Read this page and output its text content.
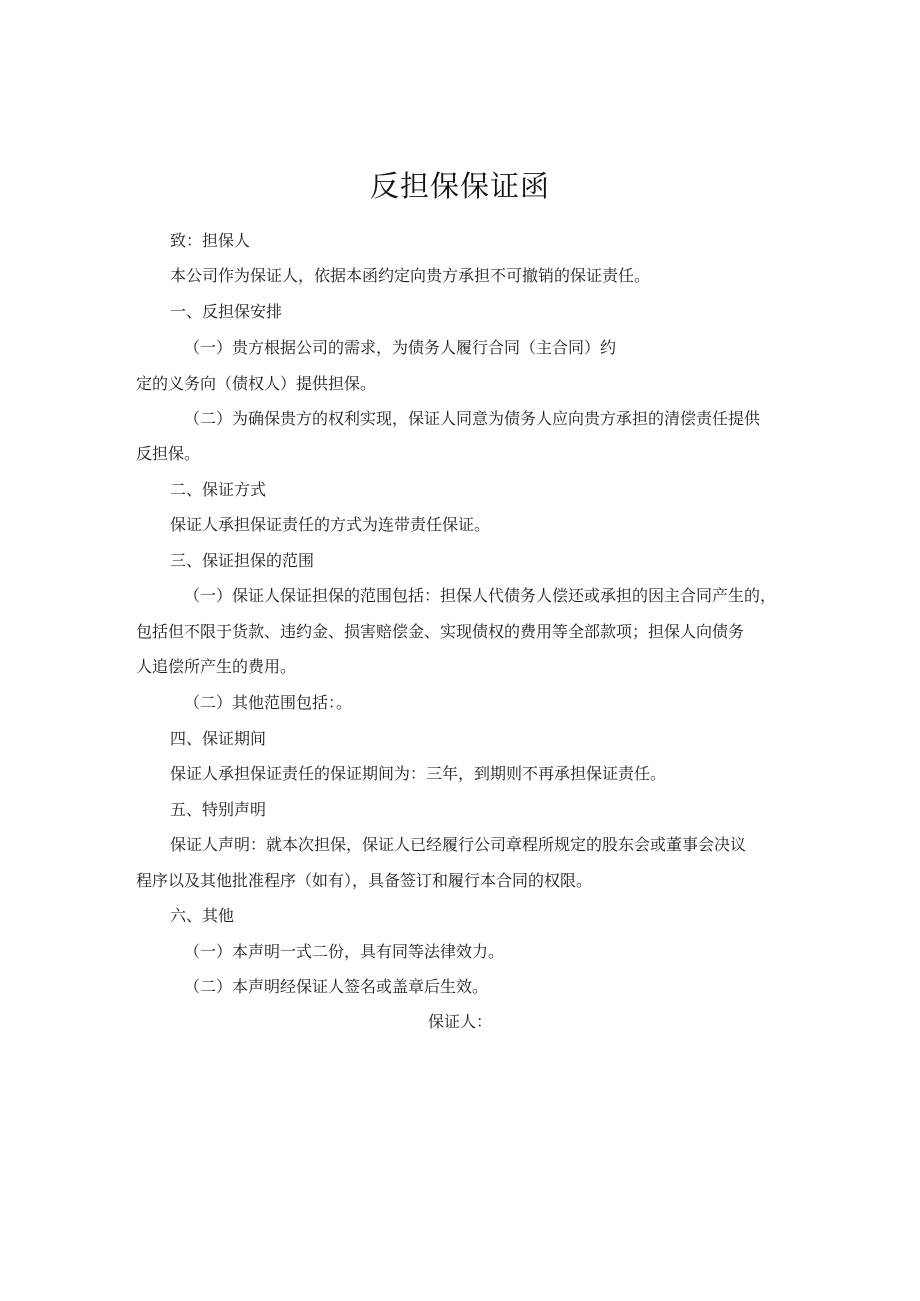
反担保保证函
致：担保人
本公司作为保证人，依据本函约定向贵方承担不可撤销的保证责任。
一、反担保安排
（一）贵方根据公司的需求，为债务人履行合同（主合同）约
定的义务向（债权人）提供担保。
（二）为确保贵方的权利实现，保证人同意为债务人应向贵方承担的清偿责任提供
反担保。
二、保证方式
保证人承担保证责任的方式为连带责任保证。
三、保证担保的范围
（一）保证人保证担保的范围包括：担保人代债务人偿还或承担的因主合同产生的，
包括但不限于货款、违约金、损害赔偿金、实现债权的费用等全部款项；担保人向债务
人追偿所产生的费用。
（二）其他范围包括：。
四、保证期间
保证人承担保证责任的保证期间为：三年，到期则不再承担保证责任。
五、特别声明
保证人声明：就本次担保，保证人已经履行公司章程所规定的股东会或董事会决议
程序以及其他批准程序（如有），具备签订和履行本合同的权限。
六、其他
（一）本声明一式二份，具有同等法律效力。
（二）本声明经保证人签名或盖章后生效。
保证人：
